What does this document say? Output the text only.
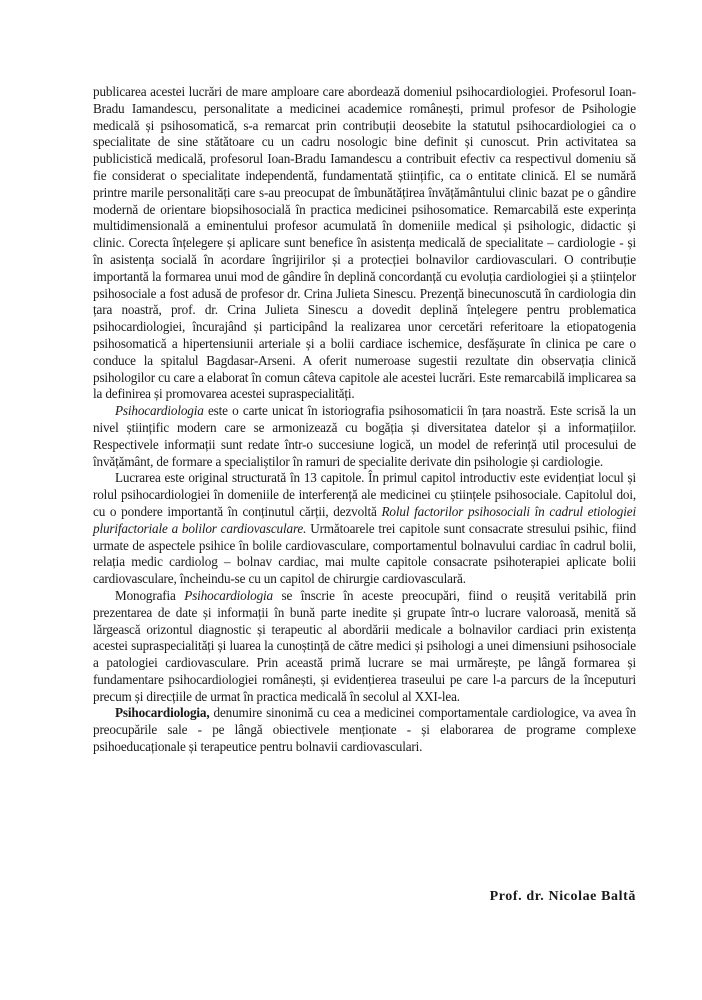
publicarea acestei lucrări de mare amploare care abordează domeniul psihocardiologiei. Profesorul Ioan-Bradu Iamandescu, personalitate a medicinei academice românești, primul profesor de Psihologie medicală și psihosomatică, s-a remarcat prin contribuții deosebite la statutul psihocardiologiei ca o specialitate de sine stătătoare cu un cadru nosologic bine definit și cunoscut. Prin activitatea sa publicistică medicală, profesorul Ioan-Bradu Iamandescu a contribuit efectiv ca respectivul domeniu să fie considerat o specialitate independentă, fundamentată științific, ca o entitate clinică. El se numără printre marile personalități care s-au preocupat de îmbunătățirea învățământului clinic bazat pe o gândire modernă de orientare biopsihosocială în practica medicinei psihosomatice. Remarcabilă este experința multidimensională a eminentului profesor acumulată în domeniile medical și psihologic, didactic și clinic. Corecta înțelegere și aplicare sunt benefice în asistența medicală de specialitate – cardiologie - și în asistența socială în acordare îngrijirilor și a protecției bolnavilor cardiovasculari. O contribuție importantă la formarea unui mod de gândire în deplină concordanță cu evoluția cardiologiei și a științelor psihosociale a fost adusă de profesor dr. Crina Julieta Sinescu. Prezență binecunoscută în cardiologia din țara noastră, prof. dr. Crina Julieta Sinescu a dovedit deplină înțelegere pentru problematica psihocardiologiei, încurajând și participând la realizarea unor cercetări referitoare la etiopatogenia psihosomatică a hipertensiunii arteriale și a bolii cardiace ischemice, desfășurate în clinica pe care o conduce la spitalul Bagdasar-Arseni. A oferit numeroase sugestii rezultate din observația clinică psihologilor cu care a elaborat în comun câteva capitole ale acestei lucrări. Este remarcabilă implicarea sa la definirea și promovarea acestei supraspecialități.

Psihocardiologia este o carte unicat în istoriografia psihosomaticii în țara noastră. Este scrisă la un nivel științific modern care se armonizează cu bogăția și diversitatea datelor și a informațiilor. Respectivele informații sunt redate într-o succesiune logică, un model de referință util procesului de învățământ, de formare a specialiștilor în ramuri de specialite derivate din psihologie și cardiologie.

Lucrarea este original structurată în 13 capitole. În primul capitol introductiv este evidențiat locul și rolul psihocardiologiei în domeniile de interferență ale medicinei cu științele psihosociale. Capitolul doi, cu o pondere importantă în conținutul cărții, dezvoltă Rolul factorilor psihosociali în cadrul etiologiei plurifactoriale a bolilor cardiovasculare. Următoarele trei capitole sunt consacrate stresului psihic, fiind urmate de aspectele psihice în bolile cardiovasculare, comportamentul bolnavului cardiac în cadrul bolii, relația medic cardiolog – bolnav cardiac, mai multe capitole consacrate psihoterapiei aplicate bolii cardiovasculare, încheindu-se cu un capitol de chirurgie cardiovasculară.

Monografia Psihocardiologia se înscrie în aceste preocupări, fiind o reușită veritabilă prin prezentarea de date și informații în bună parte inedite și grupate într-o lucrare valoroasă, menită să lărgească orizontul diagnostic și terapeutic al abordării medicale a bolnavilor cardiaci prin existența acestei supraspecialități și luarea la cunoștință de către medici și psihologi a unei dimensiuni psihosociale a patologiei cardiovasculare. Prin această primă lucrare se mai urmărește, pe lângă formarea și fundamentare psihocardiologiei românești, și evidențierea traseului pe care l-a parcurs de la începuturi precum și direcțiile de urmat în practica medicală în secolul al XXI-lea.

Psihocardiologia, denumire sinonimă cu cea a medicinei comportamentale cardiologice, va avea în preocupările sale - pe lângă obiectivele menționate - și elaborarea de programe complexe psihoeducaționale și terapeutice pentru bolnavii cardiovasculari.

Prof. dr. Nicolae Baltă
